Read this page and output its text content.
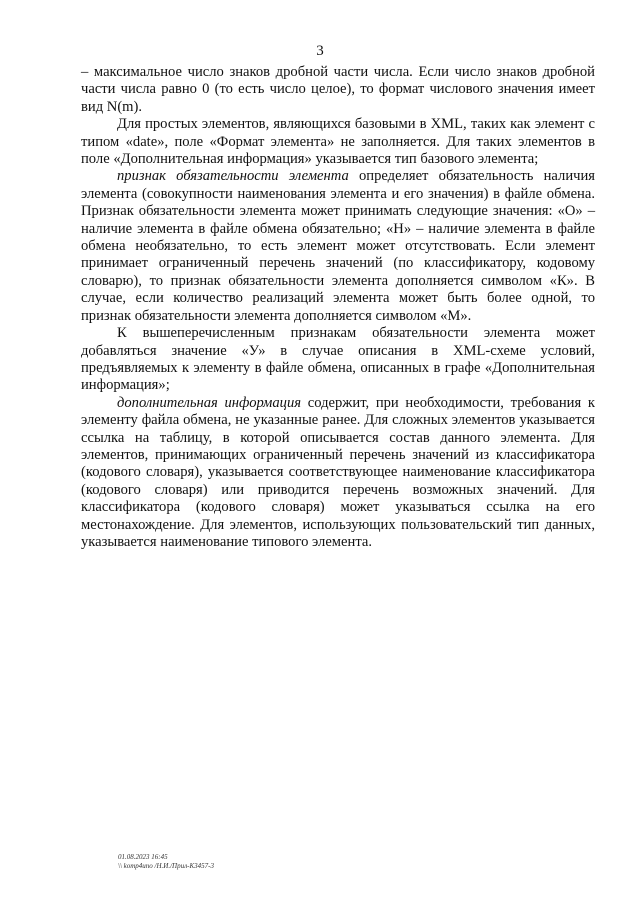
3

– максимальное число знаков дробной части числа. Если число знаков дробной части числа равно 0 (то есть число целое), то формат числового значения имеет вид N(m).

Для простых элементов, являющихся базовыми в XML, таких как элемент с типом «date», поле «Формат элемента» не заполняется. Для таких элементов в поле «Дополнительная информация» указывается тип базового элемента;

признак обязательности элемента определяет обязательность наличия элемента (совокупности наименования элемента и его значения) в файле обмена. Признак обязательности элемента может принимать следующие значения: «О» – наличие элемента в файле обмена обязательно; «Н» – наличие элемента в файле обмена необязательно, то есть элемент может отсутствовать. Если элемент принимает ограниченный перечень значений (по классификатору, кодовому словарю), то признак обязательности элемента дополняется символом «К». В случае, если количество реализаций элемента может быть более одной, то признак обязательности элемента дополняется символом «М».

К вышеперечисленным признакам обязательности элемента может добавляться значение «У» в случае описания в XML-схеме условий, предъявляемых к элементу в файле обмена, описанных в графе «Дополнительная информация»;

дополнительная информация содержит, при необходимости, требования к элементу файла обмена, не указанные ранее. Для сложных элементов указывается ссылка на таблицу, в которой описывается состав данного элемента. Для элементов, принимающих ограниченный перечень значений из классификатора (кодового словаря), указывается соответствующее наименование классификатора (кодового словаря) или приводится перечень возможных значений. Для классификатора (кодового словаря) может указываться ссылка на его местонахождение. Для элементов, использующих пользовательский тип данных, указывается наименование типового элемента.

01.08.2023 16:45
\\ komp4uno /Н.И./Прил-К3457-3
